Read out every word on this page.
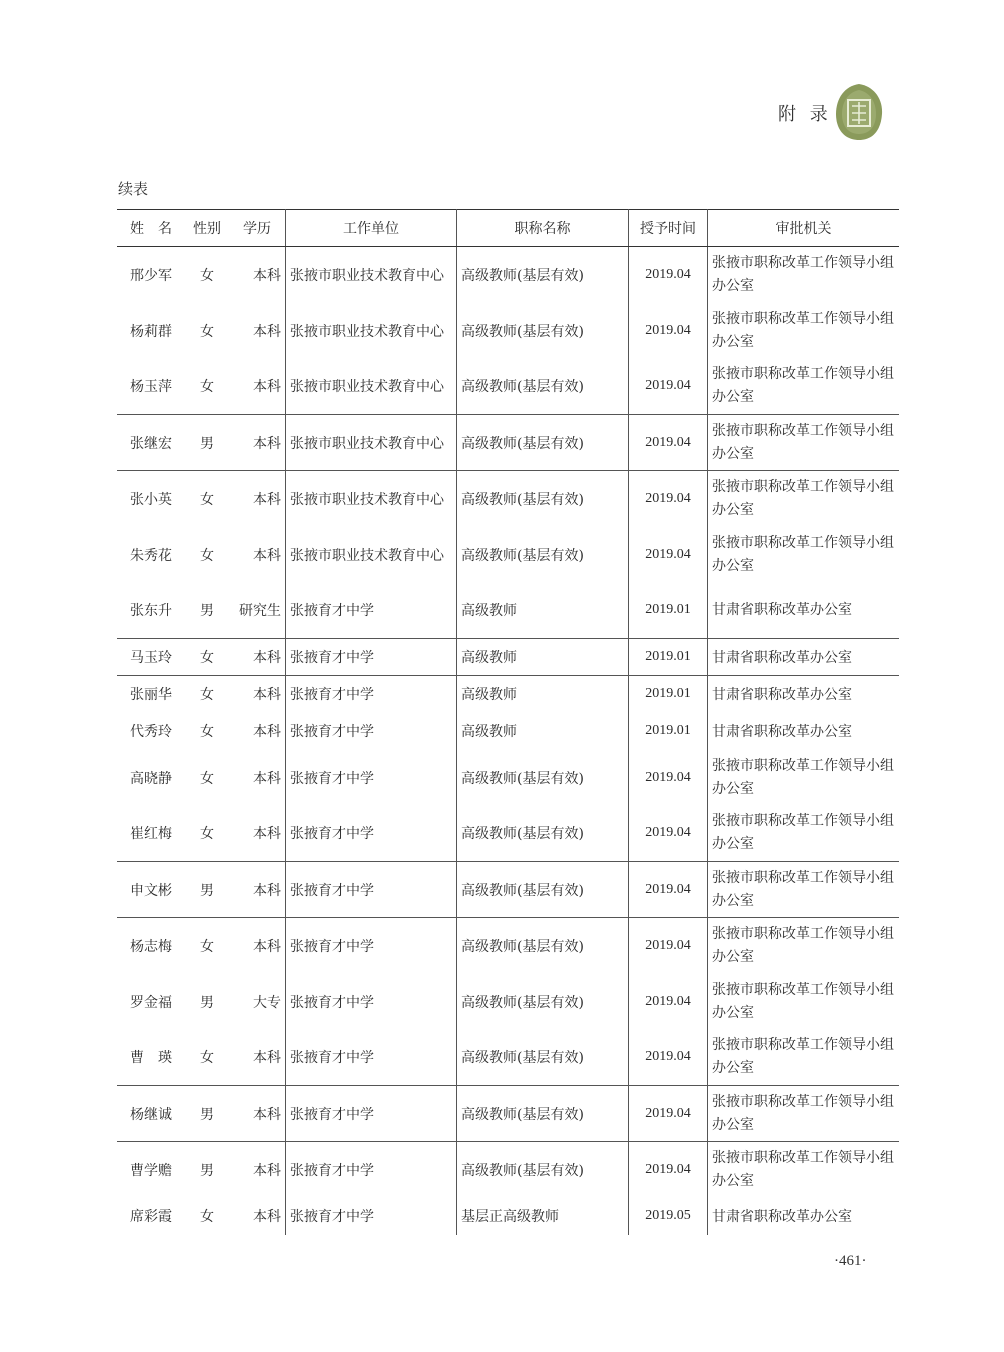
附 录
续表
姓　名	性别	学历	工作单位	职称名称	授予时间	审批机关
邢少军	女	本科	张掖市职业技术教育中心	高级教师(基层有效)	2019.04	张掖市职称改革工作领导小组办公室
杨莉群	女	本科	张掖市职业技术教育中心	高级教师(基层有效)	2019.04	张掖市职称改革工作领导小组办公室
杨玉萍	女	本科	张掖市职业技术教育中心	高级教师(基层有效)	2019.04	张掖市职称改革工作领导小组办公室
张继宏	男	本科	张掖市职业技术教育中心	高级教师(基层有效)	2019.04	张掖市职称改革工作领导小组办公室
张小英	女	本科	张掖市职业技术教育中心	高级教师(基层有效)	2019.04	张掖市职称改革工作领导小组办公室
朱秀花	女	本科	张掖市职业技术教育中心	高级教师(基层有效)	2019.04	张掖市职称改革工作领导小组办公室
张东升	男	研究生	张掖育才中学	高级教师	2019.01	甘肃省职称改革办公室
马玉玲	女	本科	张掖育才中学	高级教师	2019.01	甘肃省职称改革办公室
张丽华	女	本科	张掖育才中学	高级教师	2019.01	甘肃省职称改革办公室
代秀玲	女	本科	张掖育才中学	高级教师	2019.01	甘肃省职称改革办公室
高晓静	女	本科	张掖育才中学	高级教师(基层有效)	2019.04	张掖市职称改革工作领导小组办公室
崔红梅	女	本科	张掖育才中学	高级教师(基层有效)	2019.04	张掖市职称改革工作领导小组办公室
申文彬	男	本科	张掖育才中学	高级教师(基层有效)	2019.04	张掖市职称改革工作领导小组办公室
杨志梅	女	本科	张掖育才中学	高级教师(基层有效)	2019.04	张掖市职称改革工作领导小组办公室
罗金福	男	大专	张掖育才中学	高级教师(基层有效)	2019.04	张掖市职称改革工作领导小组办公室
曹　瑛	女	本科	张掖育才中学	高级教师(基层有效)	2019.04	张掖市职称改革工作领导小组办公室
杨继诚	男	本科	张掖育才中学	高级教师(基层有效)	2019.04	张掖市职称改革工作领导小组办公室
曹学赡	男	本科	张掖育才中学	高级教师(基层有效)	2019.04	张掖市职称改革工作领导小组办公室
席彩霞	女	本科	张掖育才中学	基层正高级教师	2019.05	甘肃省职称改革办公室
·461·
